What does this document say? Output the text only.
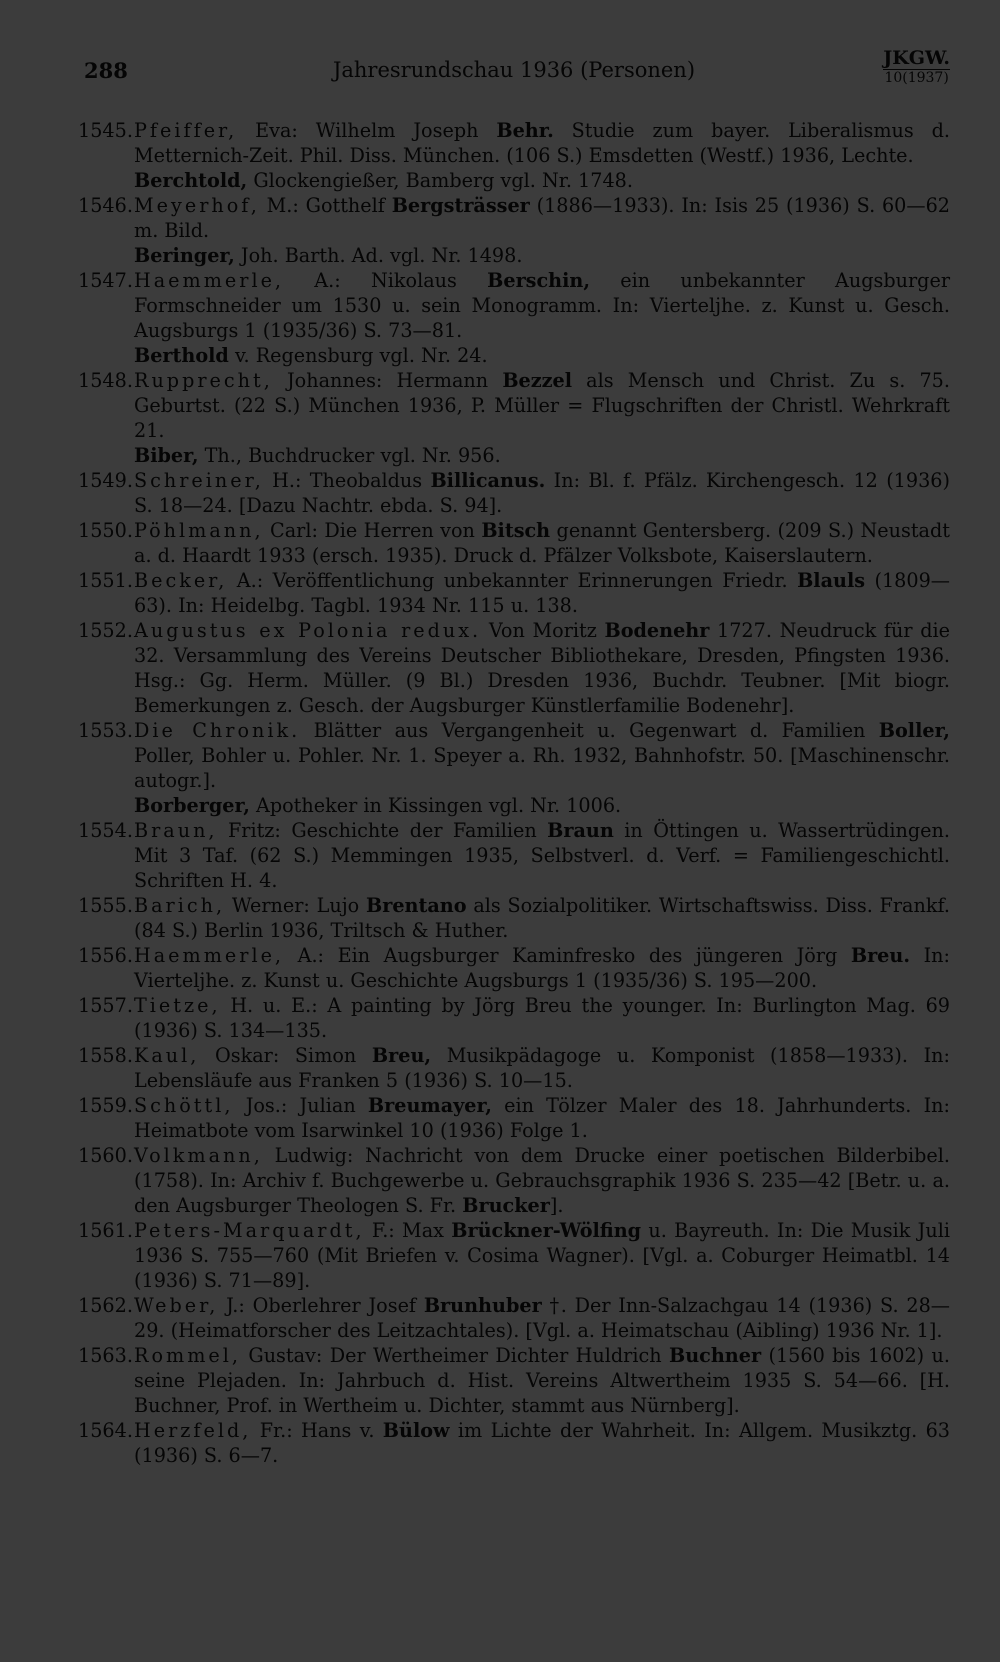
288	Jahresrundschau 1936 (Personen)	JKGW.
10(1937)

1545.Pfeiffer, Eva: Wilhelm Joseph Behr. Studie zum bayer. Liberalismus d. Metternich-Zeit. Phil. Diss. München. (106 S.) Emsdetten (Westf.) 1936, Lechte.

Berchtold, Glockengießer, Bamberg vgl. Nr. 1748.

1546.Meyerhof, M.: Gotthelf Bergsträsser (1886—1933). In: Isis 25 (1936) S. 60—62 m. Bild.

Beringer, Joh. Barth. Ad. vgl. Nr. 1498.

1547.Haemmerle, A.: Nikolaus Berschin, ein unbekannter Augsburger Formschneider um 1530 u. sein Monogramm. In: Vierteljhe. z. Kunst u. Gesch. Augsburgs 1 (1935/36) S. 73—81.

Berthold v. Regensburg vgl. Nr. 24.

1548.Rupprecht, Johannes: Hermann Bezzel als Mensch und Christ. Zu s. 75. Geburtst. (22 S.) München 1936, P. Müller = Flugschriften der Christl. Wehrkraft 21.

Biber, Th., Buchdrucker vgl. Nr. 956.

1549.Schreiner, H.: Theobaldus Billicanus. In: Bl. f. Pfälz. Kirchengesch. 12 (1936) S. 18—24. [Dazu Nachtr. ebda. S. 94].

1550.Pöhlmann, Carl: Die Herren von Bitsch genannt Gentersberg. (209 S.) Neustadt a. d. Haardt 1933 (ersch. 1935). Druck d. Pfälzer Volksbote, Kaiserslautern.

1551.Becker, A.: Veröffentlichung unbekannter Erinnerungen Friedr. Blauls (1809—63). In: Heidelbg. Tagbl. 1934 Nr. 115 u. 138.

1552.Augustus ex Polonia redux. Von Moritz Bodenehr 1727. Neudruck für die 32. Versammlung des Vereins Deutscher Bibliothekare, Dresden, Pfingsten 1936. Hsg.: Gg. Herm. Müller. (9 Bl.) Dresden 1936, Buchdr. Teubner. [Mit biogr. Bemerkungen z. Gesch. der Augsburger Künstlerfamilie Bodenehr].

1553.Die Chronik. Blätter aus Vergangenheit u. Gegenwart d. Familien Boller, Poller, Bohler u. Pohler. Nr. 1. Speyer a. Rh. 1932, Bahnhofstr. 50. [Maschinenschr. autogr.].

Borberger, Apotheker in Kissingen vgl. Nr. 1006.

1554.Braun, Fritz: Geschichte der Familien Braun in Öttingen u. Wassertrüdingen. Mit 3 Taf. (62 S.) Memmingen 1935, Selbstverl. d. Verf. = Familiengeschichtl. Schriften H. 4.

1555.Barich, Werner: Lujo Brentano als Sozialpolitiker. Wirtschaftswiss. Diss. Frankf. (84 S.) Berlin 1936, Triltsch & Huther.

1556.Haemmerle, A.: Ein Augsburger Kaminfresko des jüngeren Jörg Breu. In: Vierteljhe. z. Kunst u. Geschichte Augsburgs 1 (1935/36) S. 195—200.

1557.Tietze, H. u. E.: A painting by Jörg Breu the younger. In: Burlington Mag. 69 (1936) S. 134—135.

1558.Kaul, Oskar: Simon Breu, Musikpädagoge u. Komponist (1858—1933). In: Lebensläufe aus Franken 5 (1936) S. 10—15.

1559.Schöttl, Jos.: Julian Breumayer, ein Tölzer Maler des 18. Jahrhunderts. In: Heimatbote vom Isarwinkel 10 (1936) Folge 1.

1560.Volkmann, Ludwig: Nachricht von dem Drucke einer poetischen Bilderbibel. (1758). In: Archiv f. Buchgewerbe u. Gebrauchsgraphik 1936 S. 235—42 [Betr. u. a. den Augsburger Theologen S. Fr. Brucker].

1561.Peters-Marquardt, F.: Max Brückner-Wölfing u. Bayreuth. In: Die Musik Juli 1936 S. 755—760 (Mit Briefen v. Cosima Wagner). [Vgl. a. Coburger Heimatbl. 14 (1936) S. 71—89].

1562.Weber, J.: Oberlehrer Josef Brunhuber †. Der Inn-Salzachgau 14 (1936) S. 28—29. (Heimatforscher des Leitzachtales). [Vgl. a. Heimatschau (Aibling) 1936 Nr. 1].

1563.Rommel, Gustav: Der Wertheimer Dichter Huldrich Buchner (1560 bis 1602) u. seine Plejaden. In: Jahrbuch d. Hist. Vereins Altwertheim 1935 S. 54—66. [H. Buchner, Prof. in Wertheim u. Dichter, stammt aus Nürnberg].

1564.Herzfeld, Fr.: Hans v. Bülow im Lichte der Wahrheit. In: Allgem. Musikztg. 63 (1936) S. 6—7.
